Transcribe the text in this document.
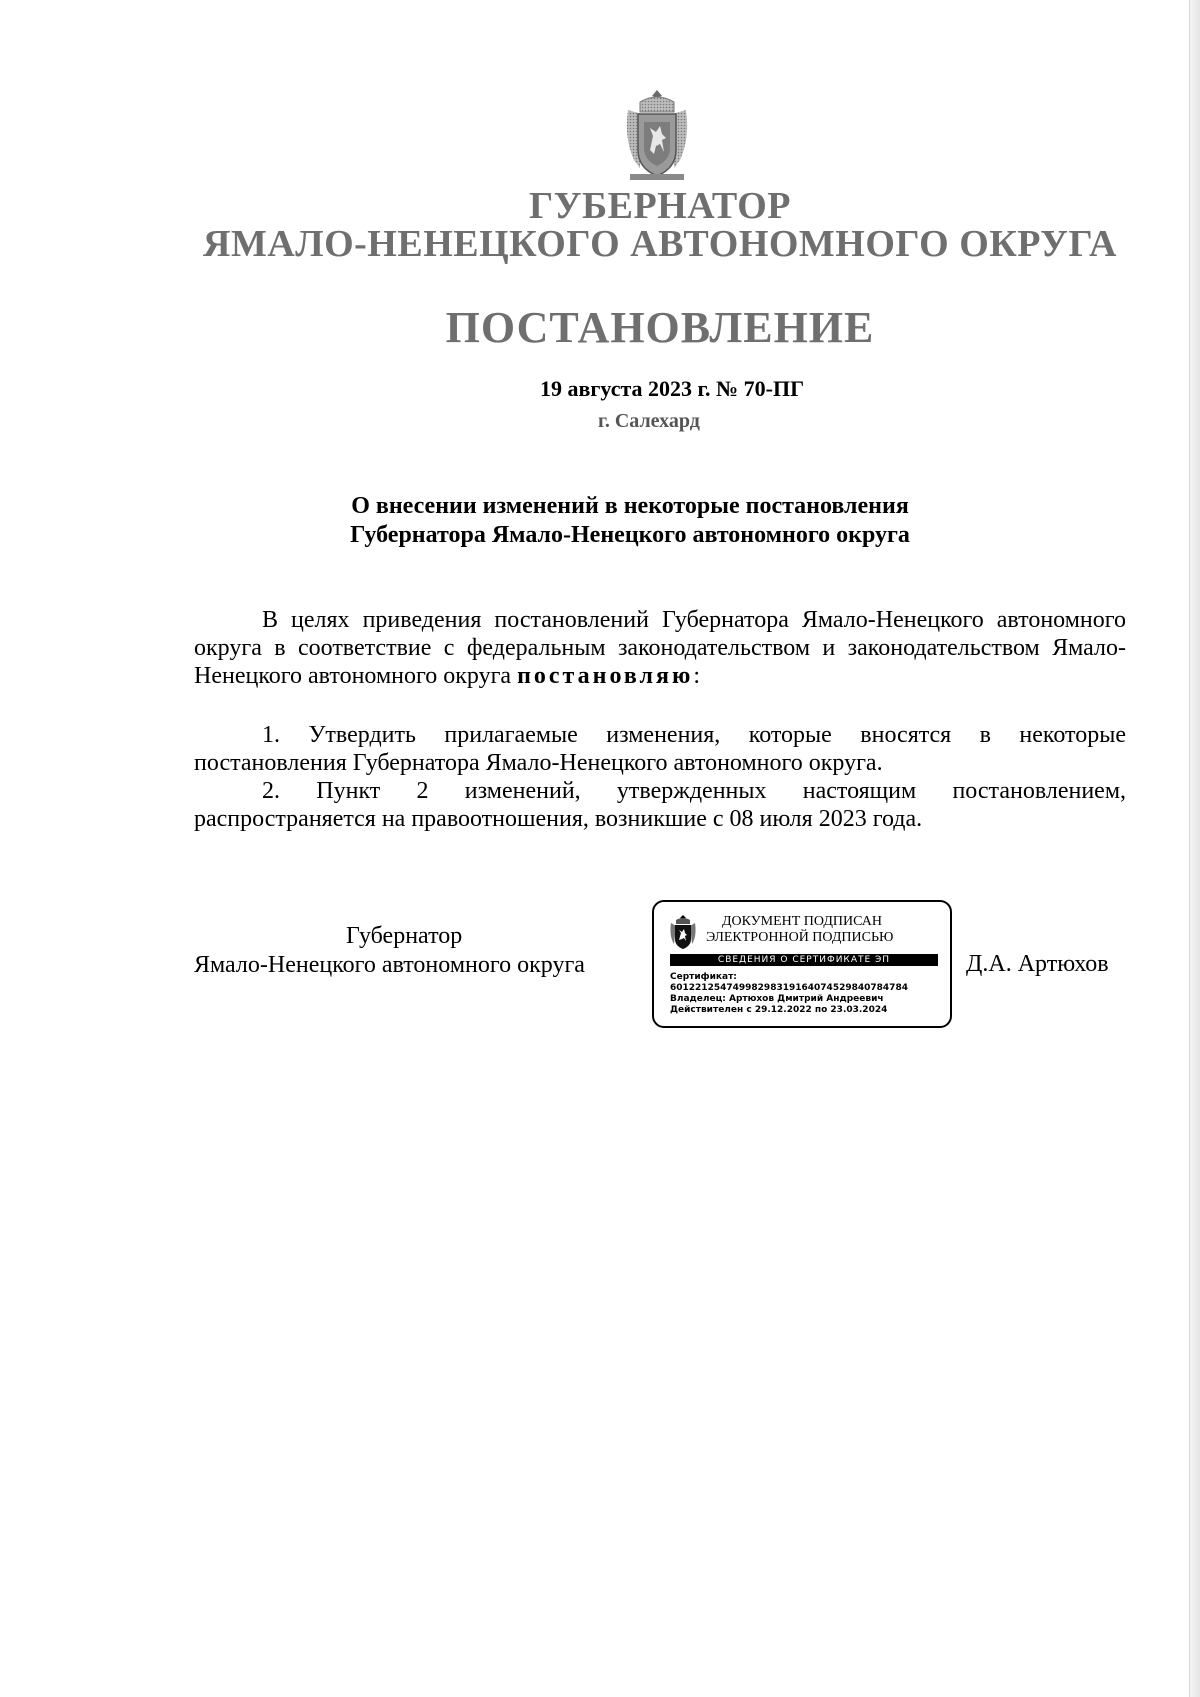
ГУБЕРНАТОР
ЯМАЛО-НЕНЕЦКОГО АВТОНОМНОГО ОКРУГА
ПОСТАНОВЛЕНИЕ
19 августа 2023 г. № 70-ПГ
г. Салехард
О внесении изменений в некоторые постановления
Губернатора Ямало-Ненецкого автономного округа

В целях приведения постановлений Губернатора Ямало-Ненецкого автономного округа в соответствие с федеральным законодательством и законодательством Ямало-Ненецкого автономного округа постановляю:

1. Утвердить прилагаемые изменения, которые вносятся в некоторые постановления Губернатора Ямало-Ненецкого автономного округа.

2. Пункт 2 изменений, утвержденных настоящим постановлением, распространяется на правоотношения, возникшие с 08 июля 2023 года.

Губернатор
Ямало-Ненецкого автономного округа
ДОКУМЕНТ ПОДПИСАН
ЭЛЕКТРОННОЙ ПОДПИСЬЮ
СВЕДЕНИЯ О СЕРТИФИКАТЕ ЭП
Сертификат:
6012212547499829831916407452984078​4784
Владелец: Артюхов Дмитрий Андреевич
Действителен с 29.12.2022 по 23.03.2024
Д.А. Артюхов
